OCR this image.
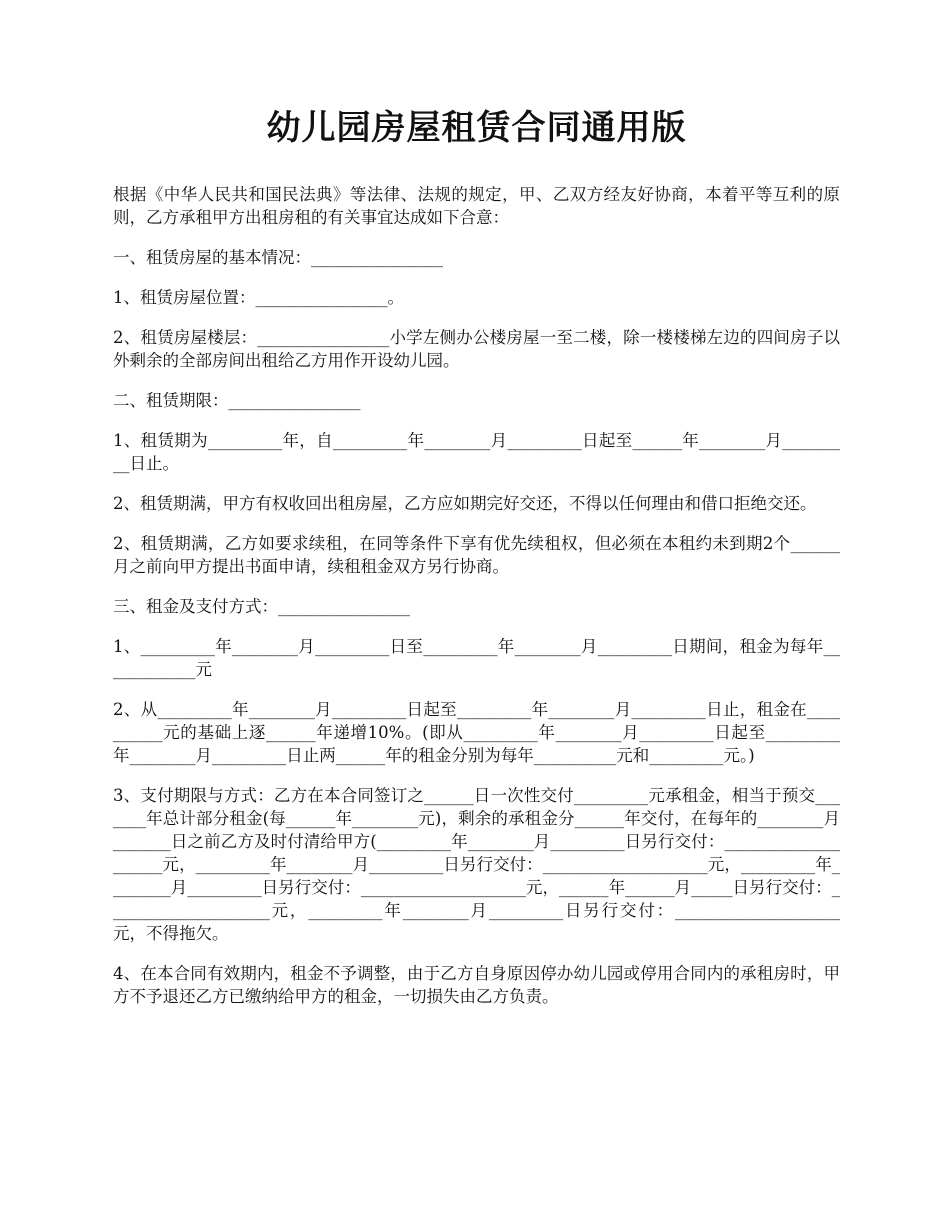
幼儿园房屋租赁合同通用版

根据《中华人民共和国民法典》等法律、法规的规定，甲、乙双方经友好协商，本着平等互利的原则，乙方承租甲方出租房租的有关事宜达成如下合意：

一、租赁房屋的基本情况：________________

1、租赁房屋位置：________________。

2、租赁房屋楼层：________________小学左侧办公楼房屋一至二楼，除一楼楼梯左边的四间房子以外剩余的全部房间出租给乙方用作开设幼儿园。

二、租赁期限：________________

1、租赁期为_________年，自_________年________月_________日起至______年________月_________日止。

2、租赁期满，甲方有权收回出租房屋，乙方应如期完好交还，不得以任何理由和借口拒绝交还。

2、租赁期满，乙方如要求续租，在同等条件下享有优先续租权，但必须在本租约未到期2个______月之前向甲方提出书面申请，续租租金双方另行协商。

三、租金及支付方式：________________

1、_________年________月_________日至_________年________月_________日期间，租金为每年____________元

2、从_________年________月_________日起至_________年________月_________日止，租金在__________元的基础上逐______年递增10%。(即从_________年________月_________日起至_________年________月_________日止两______年的租金分别为每年__________元和_________元。)

3、支付期限与方式：乙方在本合同签订之______日一次性交付_________元承租金，相当于预交_______年总计部分租金(每______年________元)，剩余的承租金分______年交付，在每年的________月_______日之前乙方及时付清给甲方(_________年________月_________日另行交付：____________________元，_________年________月_________日另行交付：____________________元，_________年________月_________日另行交付：____________________元，______年______月_____日另行交付：____________________元，_________年________月_________日另行交付：____________________元，不得拖欠。

4、在本合同有效期内，租金不予调整，由于乙方自身原因停办幼儿园或停用合同内的承租房时，甲方不予退还乙方已缴纳给甲方的租金，一切损失由乙方负责。
